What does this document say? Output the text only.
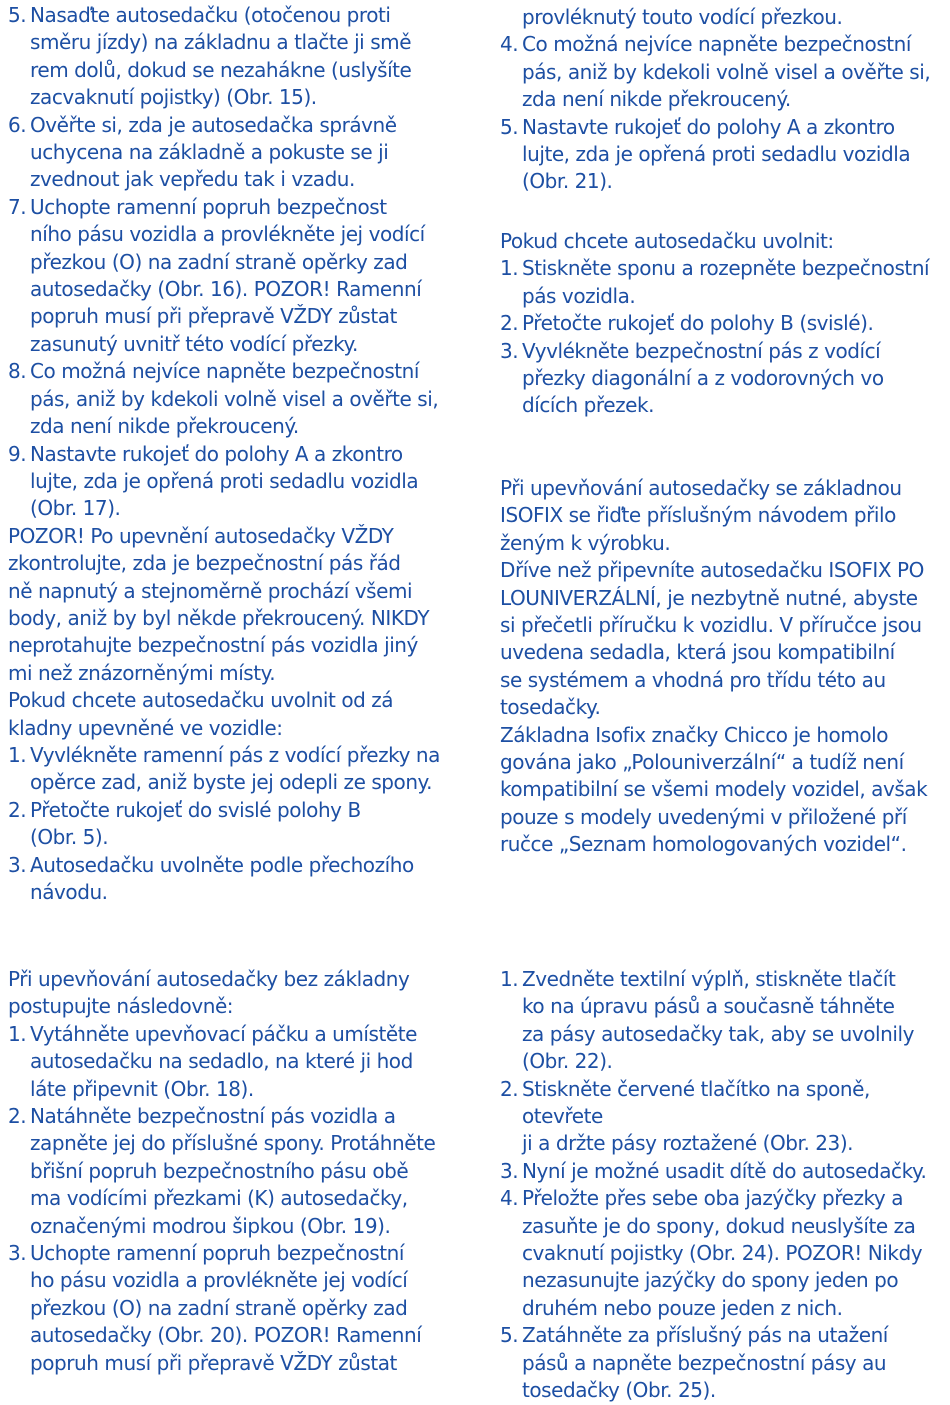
5. Nasaďte autosedačku (otočenou proti
směru jízdy) na základnu a tlačte ji smě
rem dolů, dokud se nezahákne (uslyšíte
zacvaknutí pojistky) (Obr. 15).
6. Ověřte si, zda je autosedačka správně
uchycena na základně a pokuste se ji
zvednout jak vepředu tak i vzadu.
7. Uchopte ramenní popruh bezpečnost
ního pásu vozidla a provlékněte jej vodící
přezkou (O) na zadní straně opěrky zad
autosedačky (Obr. 16). POZOR! Ramenní
popruh musí při přepravě VŽDY zůstat
zasunutý uvnitř této vodící přezky.
8. Co možná nejvíce napněte bezpečnostní
pás, aniž by kdekoli volně visel a ověřte si,
zda není nikde překroucený.
9. Nastavte rukojeť do polohy A a zkontro
lujte, zda je opřená proti sedadlu vozidla
(Obr. 17).
POZOR! Po upevnění autosedačky VŽDY
zkontrolujte, zda je bezpečnostní pás řád
ně napnutý a stejnoměrně prochází všemi
body, aniž by byl někde překroucený. NIKDY
neprotahujte bezpečnostní pás vozidla jiný
mi než znázorněnými místy.
Pokud chcete autosedačku uvolnit od zá
kladny upevněné ve vozidle:
1. Vyvlékněte ramenní pás z vodící přezky na
opěrce zad, aniž byste jej odepli ze spony.
2. Přetočte rukojeť do svislé polohy B
(Obr. 5).
3. Autosedačku uvolněte podle přechozího
návodu.
Při upevňování autosedačky bez základny
postupujte následovně:
1. Vytáhněte upevňovací páčku a umístěte
autosedačku na sedadlo, na které ji hod
láte připevnit (Obr. 18).
2. Natáhněte bezpečnostní pás vozidla a
zapněte jej do příslušné spony. Protáhněte
břišní popruh bezpečnostního pásu obě
ma vodícími přezkami (K) autosedačky,
označenými modrou šipkou (Obr. 19).
3. Uchopte ramenní popruh bezpečnostní
ho pásu vozidla a provlékněte jej vodící
přezkou (O) na zadní straně opěrky zad
autosedačky (Obr. 20). POZOR! Ramenní
popruh musí při přepravě VŽDY zůstat
provléknutý touto vodící přezkou.
4. Co možná nejvíce napněte bezpečnostní
pás, aniž by kdekoli volně visel a ověřte si,
zda není nikde překroucený.
5. Nastavte rukojeť do polohy A a zkontro
lujte, zda je opřená proti sedadlu vozidla
(Obr. 21).
Pokud chcete autosedačku uvolnit:
1. Stiskněte sponu a rozepněte bezpečnostní
pás vozidla.
2. Přetočte rukojeť do polohy B (svislé).
3. Vyvlékněte bezpečnostní pás z vodící
přezky diagonální a z vodorovných vo
dících přezek.
Při upevňování autosedačky se základnou
ISOFIX se řiďte příslušným návodem přilo
ženým k výrobku.
Dříve než připevníte autosedačku ISOFIX PO
LOUNIVERZÁLNÍ, je nezbytně nutné, abyste
si přečetli příručku k vozidlu. V příručce jsou
uvedena sedadla, která jsou kompatibilní
se systémem a vhodná pro třídu této au
tosedačky.
Základna Isofix značky Chicco je homolo
gována jako „Polouniverzální“ a tudíž není
kompatibilní se všemi modely vozidel, avšak
pouze s modely uvedenými v přiložené pří
ručce „Seznam homologovaných vozidel“.
1. Zvedněte textilní výplň, stiskněte tlačít
ko na úpravu pásů a současně táhněte
za pásy autosedačky tak, aby se uvolnily
(Obr. 22).
2. Stiskněte červené tlačítko na sponě, otevřete
ji a držte pásy roztažené (Obr. 23).
3. Nyní je možné usadit dítě do autosedačky.
4. Přeložte přes sebe oba jazýčky přezky a
zasuňte je do spony, dokud neuslyšíte za
cvaknutí pojistky (Obr. 24). POZOR! Nikdy
nezasunujte jazýčky do spony jeden po
druhém nebo pouze jeden z nich.
5. Zatáhněte za příslušný pás na utažení
pásů a napněte bezpečnostní pásy au
tosedačky (Obr. 25).
